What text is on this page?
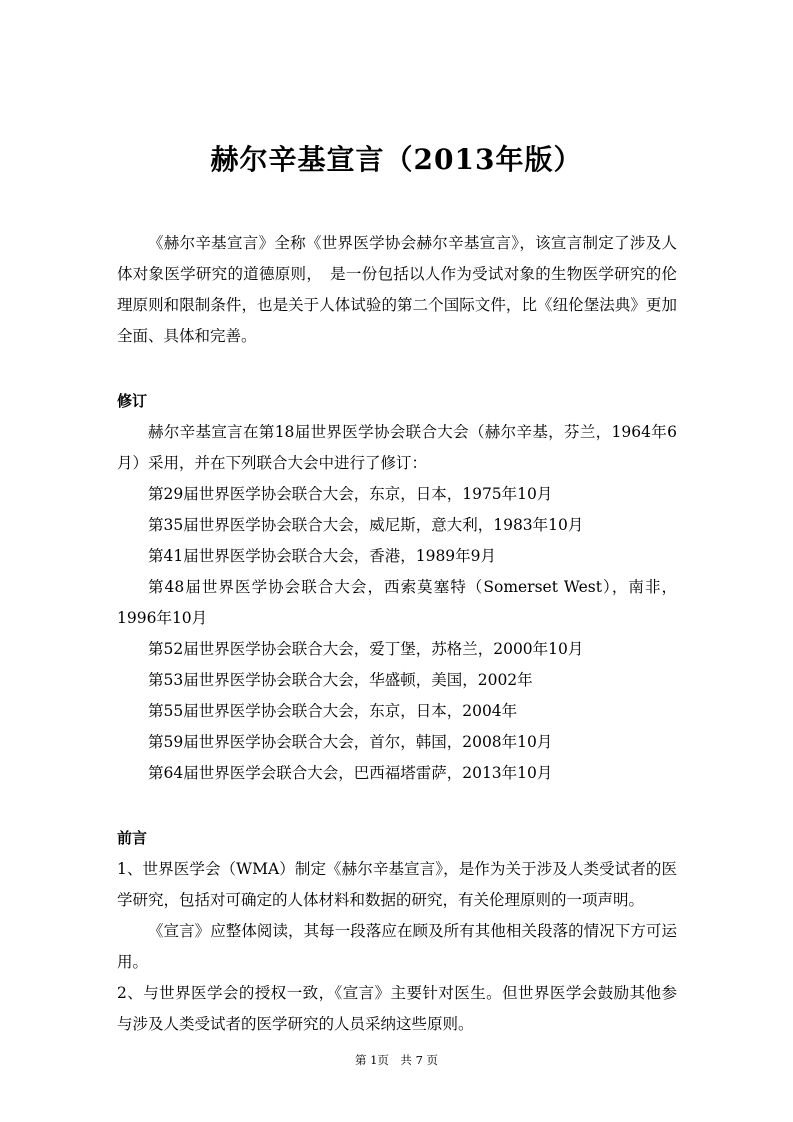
赫尔辛基宣言（2013年版）

《赫尔辛基宣言》全称《世界医学协会赫尔辛基宣言》，该宣言制定了涉及人体对象医学研究的道德原则，　是一份包括以人作为受试对象的生物医学研究的伦理原则和限制条件，也是关于人体试验的第二个国际文件，比《纽伦堡法典》更加全面、具体和完善。

修订

赫尔辛基宣言在第18届世界医学协会联合大会（赫尔辛基，芬兰，1964年6月）采用，并在下列联合大会中进行了修订：

第29届世界医学协会联合大会，东京，日本，1975年10月

第35届世界医学协会联合大会，威尼斯，意大利，1983年10月

第41届世界医学协会联合大会，香港，1989年9月

第48届世界医学协会联合大会，西索莫塞特（Somerset West），南非，1996年10月

第52届世界医学协会联合大会，爱丁堡，苏格兰，2000年10月

第53届世界医学协会联合大会，华盛顿，美国，2002年

第55届世界医学协会联合大会，东京，日本，2004年

第59届世界医学协会联合大会，首尔，韩国，2008年10月

第64届世界医学会联合大会，巴西福塔雷萨，2013年10月

前言

1、世界医学会（WMA）制定《赫尔辛基宣言》，是作为关于涉及人类受试者的医学研究，包括对可确定的人体材料和数据的研究，有关伦理原则的一项声明。

《宣言》应整体阅读，其每一段落应在顾及所有其他相关段落的情况下方可运用。

2、与世界医学会的授权一致，《宣言》主要针对医生。但世界医学会鼓励其他参与涉及人类受试者的医学研究的人员采纳这些原则。

第 1页　共 7 页
